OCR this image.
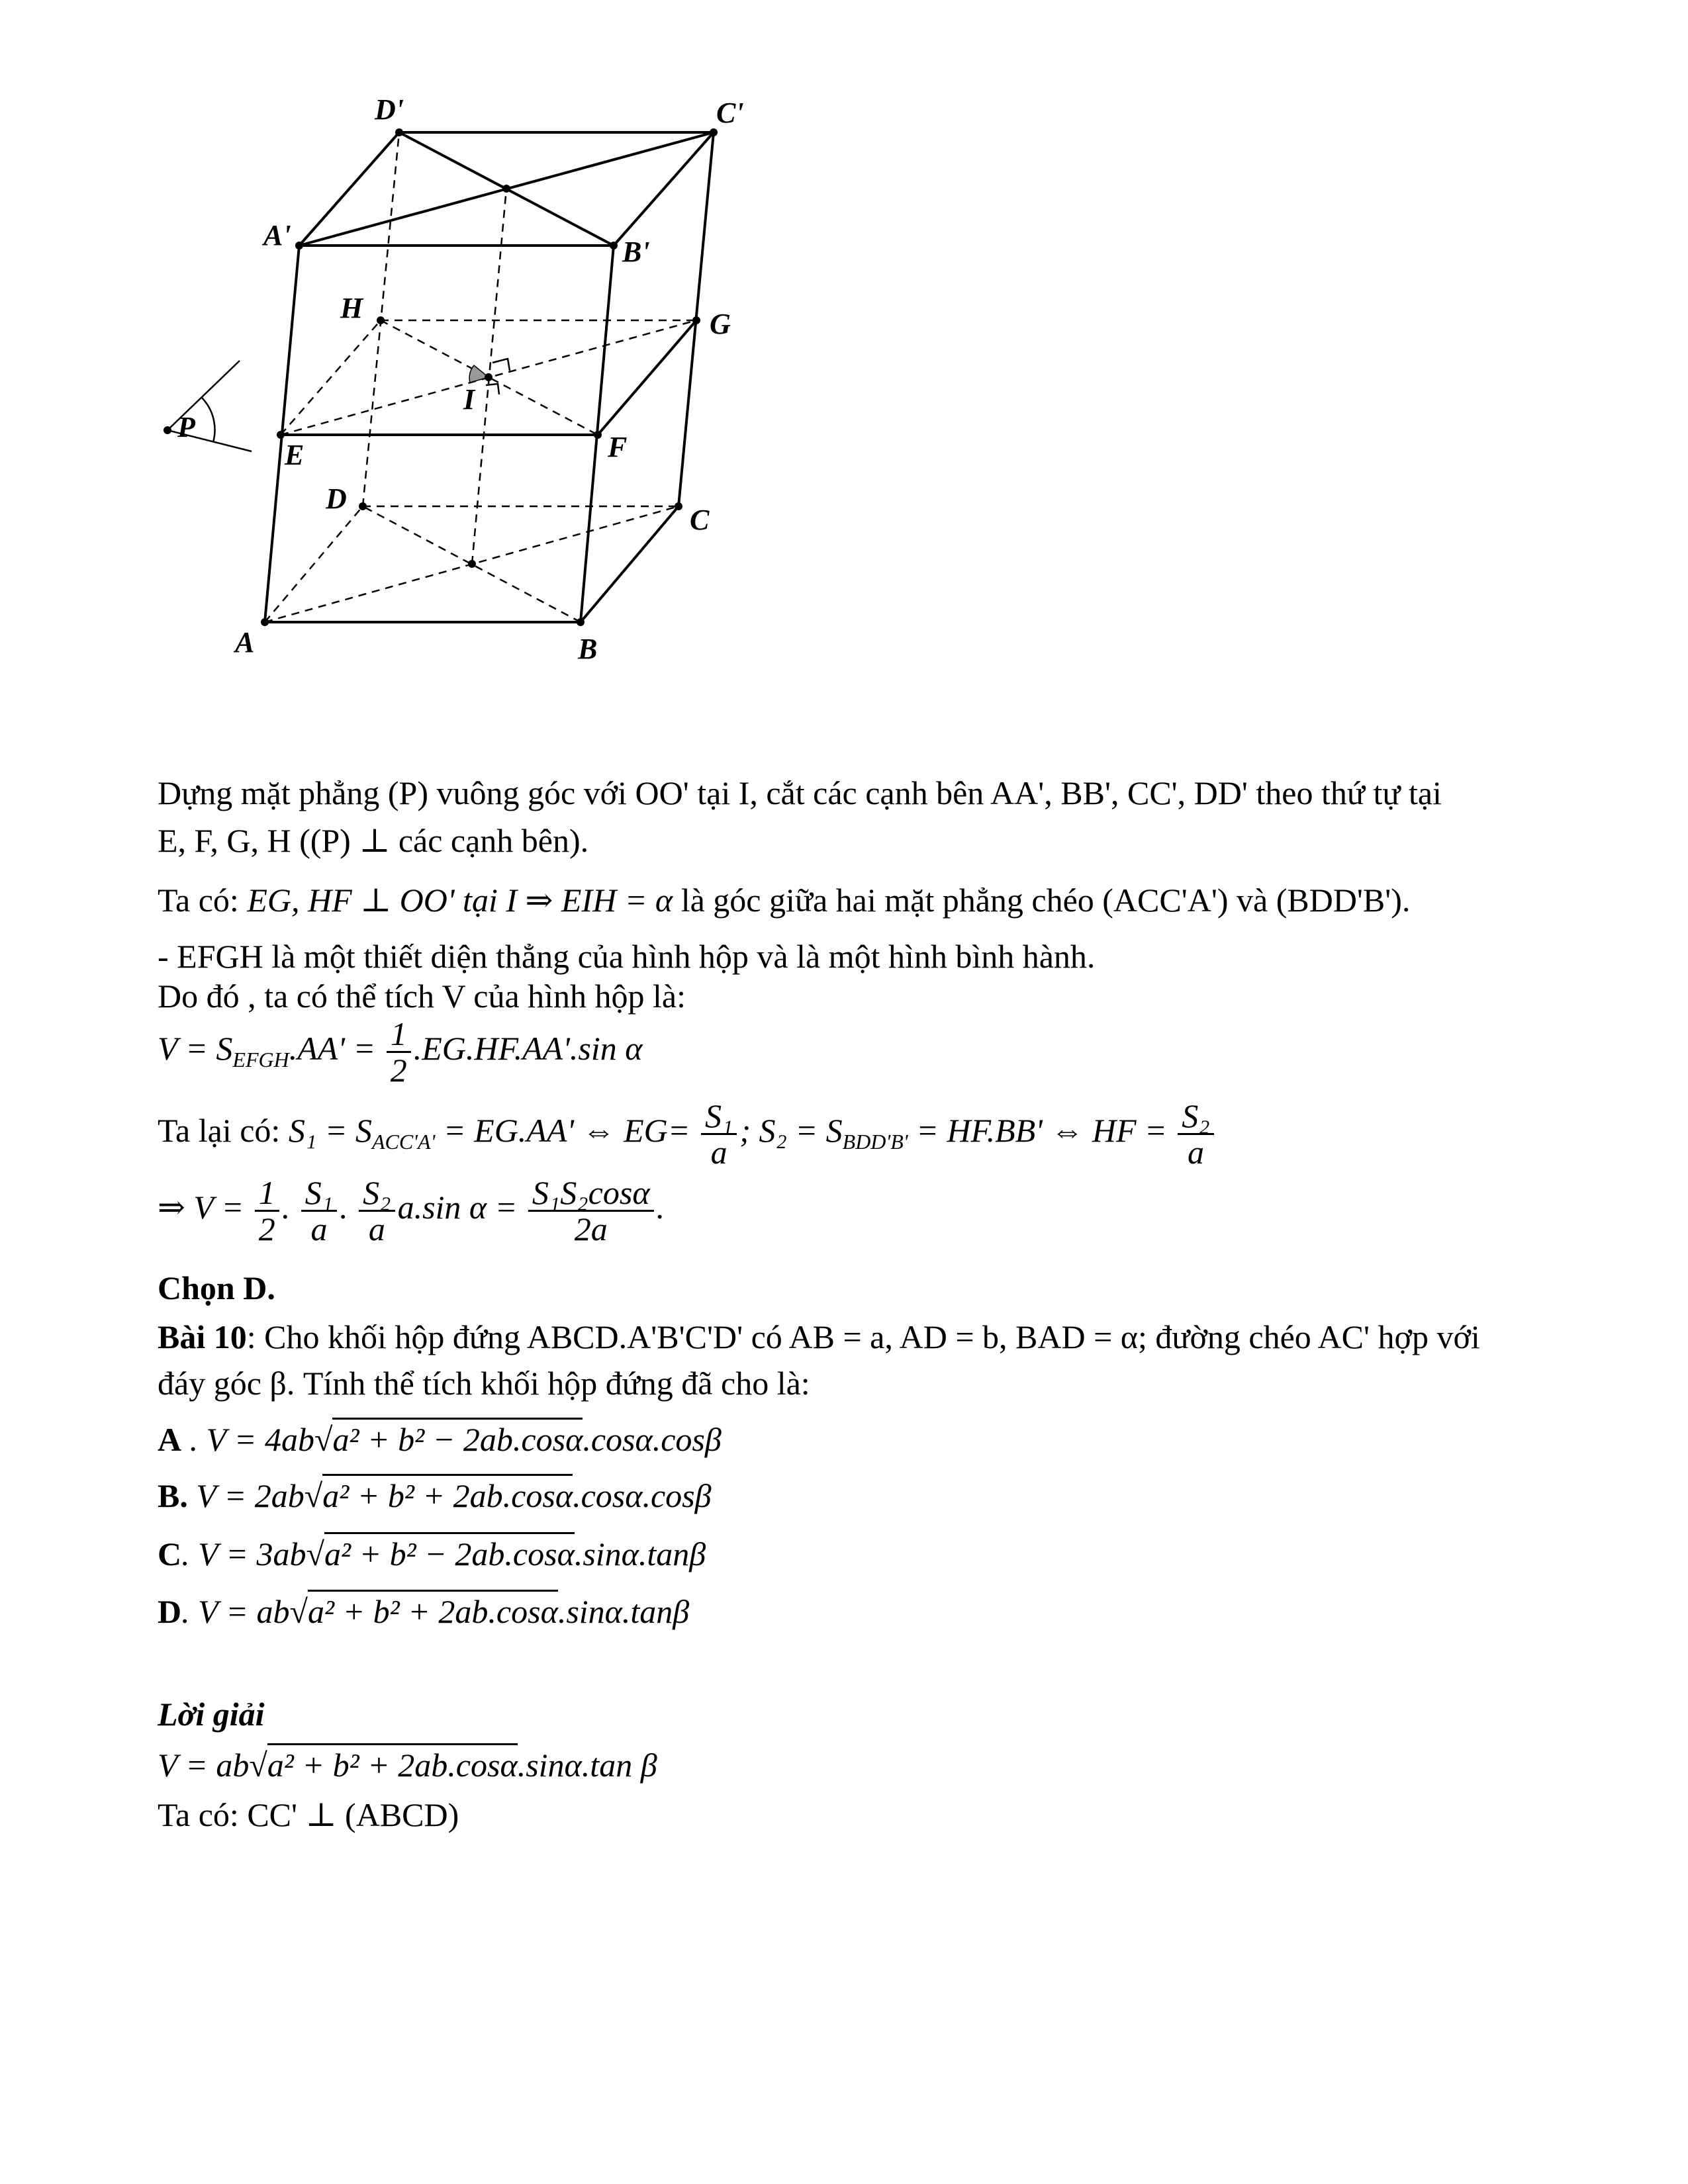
D'	C'
A'
B'
H	G
I
P
E	F
D
C
A	B
Dựng mặt phẳng (P) vuông góc với OO' tại I, cắt các cạnh bên AA', BB', CC', DD' theo thứ tự tại
E, F, G, H ((P) ⊥ các cạnh bên).
Ta có: EG, HF ⊥ OO' tại I ⇒ EIH = α là góc giữa hai mặt phẳng chéo (ACC'A') và (BDD'B').
- EFGH là một thiết diện thẳng của hình hộp và là một hình bình hành.
Do đó , ta có thể tích V của hình hộp là:
$V = S_{EFGH}.AA' = \frac{1}{2} .EG.HF.AA'.\sin$ α
Ta lại có: $S_1 = S_{ACC'A'} = EG.AA'$ ⇔ $EG= \frac{\text{S₁}}{a}$ ; $S_2 = S_{BDD'B'} = HF.BB'$ ⇔ HF = $\frac{\text{S₂}}{a}$
⇒ $V = \frac{1}{2}$ . $\frac{\text{S₁}}{a}$ . $\frac{\text{S₂}}{a} a.\sin$ $\alpha = \frac{\text{S₁S₂cosα}}{2a}$ .
Chọn D.
Bài 10: Cho khối hộp đứng ABCD.A'B'C'D' có AB = a, AD = b, BAD = α; đường chéo AC' hợp với
đáy góc β. Tính thể tích khối hộp đứng đã cho là:
A . V = 4ab√a² + b² − 2ab.cosα.cosα.cosβ
B. V = 2ab√a² + b² + 2ab.cosα.cosα.cosβ
C. V = 3ab√a² + b² − 2ab.cosα.sinα.tanβ
D. V = ab√a² + b² + 2ab.cosα.sinα.tanβ
Lời giải
V = ab√a² + b² + 2ab.cosα.sinα.tan β
Ta có: CC' ⊥ (ABCD)
